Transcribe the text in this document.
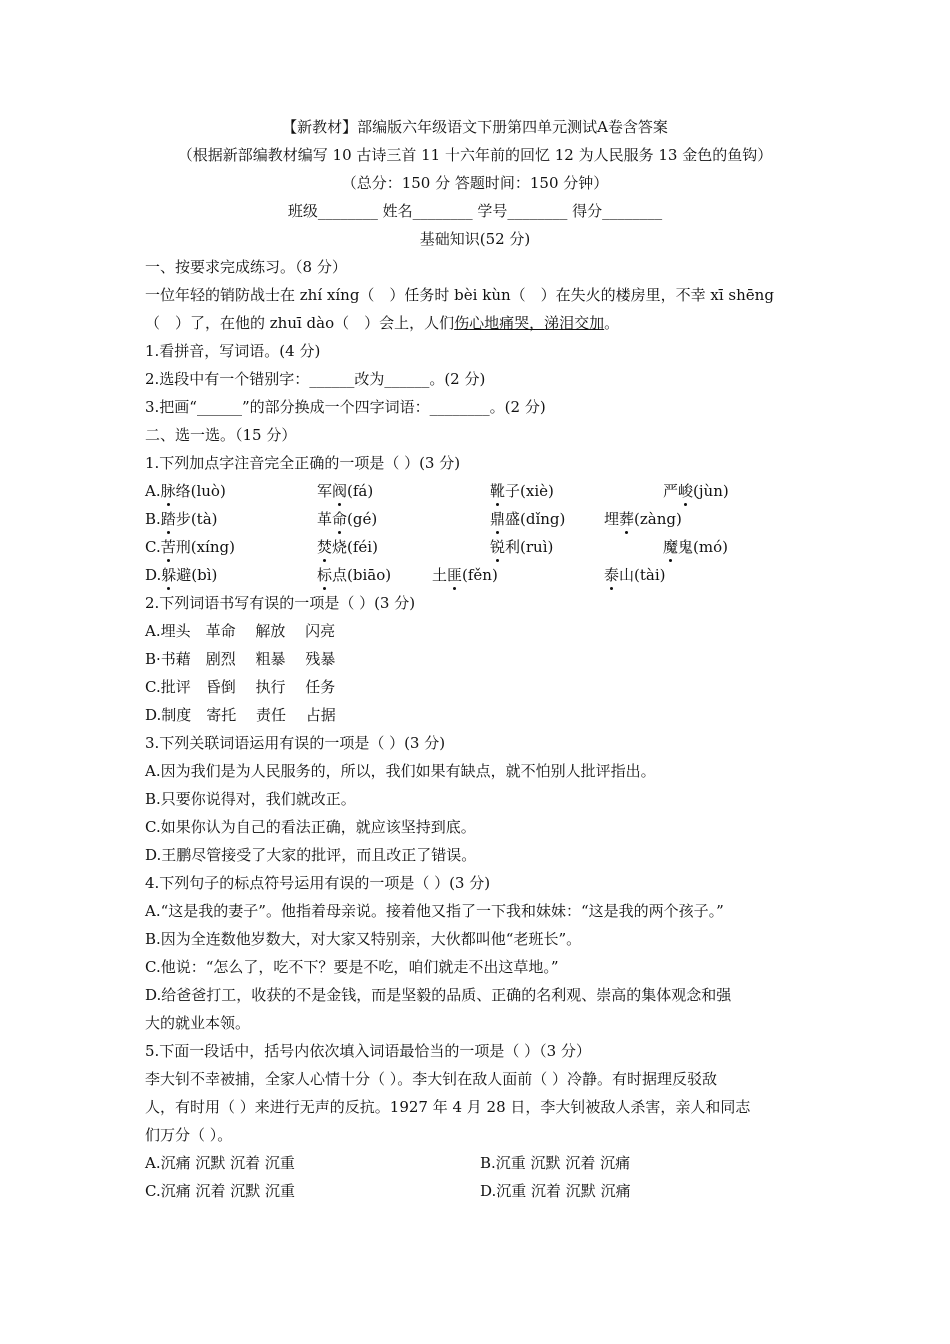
【新教材】部编版六年级语文下册第四单元测试A卷含答案
（根据新部编教材编写 10 古诗三首 11 十六年前的回忆 12 为人民服务 13 金色的鱼钩）
（总分：150 分 答题时间：150 分钟）
班级________ 姓名________ 学号________ 得分________
基础知识(52 分)
一、按要求完成练习。（8 分）
一位年轻的销防战士在 zhí xíng（　）任务时 bèi kùn（　）在失火的楼房里，不幸 xī shēng
（　）了，在他的 zhuī dào（　）会上，人们伤心地痛哭，涕泪交加。
1.看拼音，写词语。(4 分)
2.选段中有一个错别字：______改为______。(2 分)
3.把画“______”的部分换成一个四字词语：________。(2 分)
二、选一选。（15 分）
1.下列加点字注音完全正确的一项是（ ）(3 分)
A.脉络(luò)	军阀(fá)	靴子(xiè)	严峻(jùn)
B.踏步(tà)	革命(gé)	鼎盛(dǐng)	埋葬(zàng)
C.苦刑(xíng)	焚烧(féi)	锐利(ruì)	魔鬼(mó)
D.躲避(bì)	标点(biāo)	土匪(fěn)	泰山(tài)
2.下列词语书写有误的一项是（ ）(3 分)
A.埋头　革命　 解放　 闪亮
B·书藉　剧烈　 粗暴　 残暴
C.批评　昏倒　 执行　 任务
D.制度　寄托　 责任　 占据
3.下列关联词语运用有误的一项是（ ）(3 分)
A.因为我们是为人民服务的，所以，我们如果有缺点，就不怕别人批评指出。
B.只要你说得对，我们就改正。
C.如果你认为自己的看法正确，就应该坚持到底。
D.王鹏尽管接受了大家的批评，而且改正了错误。
4.下列句子的标点符号运用有误的一项是（ ）(3 分)
A.“这是我的妻子”。他指着母亲说。接着他又指了一下我和妹妹：“这是我的两个孩子。”
B.因为全连数他岁数大，对大家又特别亲，大伙都叫他“老班长”。
C.他说：“怎么了，吃不下？要是不吃，咱们就走不出这草地。”
D.给爸爸打工，收获的不是金钱，而是坚毅的品质、正确的名利观、崇高的集体观念和强
大的就业本领。
5.下面一段话中，括号内依次填入词语最恰当的一项是（ ）（3 分）
李大钊不幸被捕，全家人心情十分（ ）。李大钊在敌人面前（ ）冷静。有时据理反驳敌
人，有时用（ ）来进行无声的反抗。1927 年 4 月 28 日，李大钊被敌人杀害，亲人和同志
们万分（ ）。
A.沉痛 沉默 沉着 沉重	B.沉重 沉默 沉着 沉痛
C.沉痛 沉着 沉默 沉重	D.沉重 沉着 沉默 沉痛
